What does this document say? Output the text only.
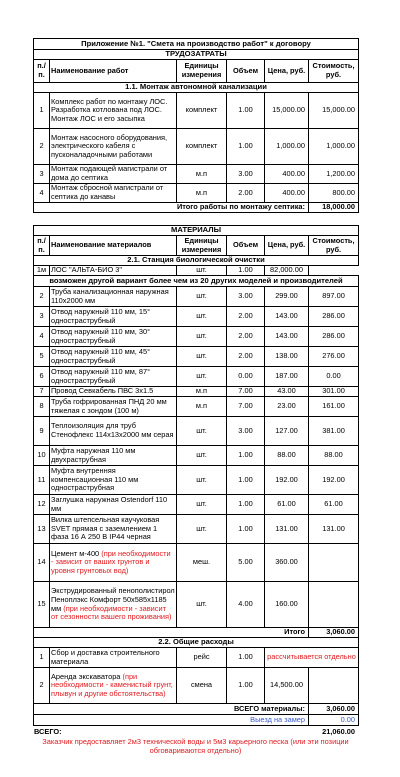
Приложение №1. "Смета на производство работ" к договору					
ТРУДОЗАТРАТЫ					
п./п.	Наименование работ	Единицы измерения	Объем	Цена, руб.	Стоимость, руб.
1.1. Монтаж автономной канализации					
1	Комплекс работ по монтажу ЛОС. Разработка котлована под ЛОС. Монтаж ЛОС и его засыпка	комплект	1.00	15,000.00	15,000.00
2	Монтаж насосного оборудования, электрического кабеля с пусконаладочными работами	комплект	1.00	1,000.00	1,000.00
3	Монтаж подающей магистрали от дома до септика	м.п	3.00	400.00	1,200.00
4	Монтаж сбросной магистрали от септика до канавы	м.п	2.00	400.00	800.00
Итого работы по монтажу септика:					18,000.00
МАТЕРИАЛЫ					
п./п.	Наименование материалов	Единицы измерения	Объем	Цена, руб.	Стоимость, руб.
2.1. Станция биологической очистки					
1м	ЛОС "АЛЬТА-БИО 3"	шт.	1.00	82,000.00	
возможен другой вариант более чем из 20 других моделей и производителей					
2	Труба канализационная наружная 110х2000 мм	шт.	3.00	299.00	897.00
3	Отвод наружный 110 мм, 15° одностраструбный	шт.	2.00	143.00	286.00
4	Отвод наружный 110 мм, 30° одностраструбный	шт.	2.00	143.00	286.00
5	Отвод наружный 110 мм, 45° одностраструбный	шт.	2.00	138.00	276.00
6	Отвод наружный 110 мм, 87° одностраструбный	шт.	0.00	187.00	0.00
7	Провод Севкабель ПВС 3х1.5	м.п	7.00	43.00	301.00
8	Труба гофрированная ПНД 20 мм тяжелая с зондом (100 м)	м.п	7.00	23.00	161.00
9	Теплоизоляция для труб Стенофлекс 114х13х2000 мм серая	шт.	3.00	127.00	381.00
10	Муфта наружная 110 мм двухраструбная	шт.	1.00	88.00	88.00
11	Муфта внутренняя компенсационная 110 мм одностраструбная	шт.	1.00	192.00	192.00
12	Заглушка наружная Ostendorf 110 мм	шт.	1.00	61.00	61.00
13	Вилка штепсельная каучуковая SVET прямая с заземлением 1 фаза 16 А 250 В IP44 черная	шт.	1.00	131.00	131.00
14	Цемент м-400 (при необходимости - зависит от ваших грунтов и уровня грунтовых вод)	меш.	5.00	360.00	
15	Экструдированный пенополистирол Пеноплэкс Комфорт 50х585х1185 мм (при необходимости - зависит от сезонности вашего проживания)	шт.	4.00	160.00	
Итого					3,060.00
2.2. Общие расходы					
1	Сбор и доставка строительного материала	рейс	1.00	рассчитывается отдельно	
2	Аренда экскаватора (при необходимости - каменистый грунт, плывун и другие обстоятельства)	смена	1.00	14,500.00	
ВСЕГО материалы:					3,060.00
Выезд на замер					0.00
ВСЕГО:		21,060.00
Заказчик предоставляет 2м3 технической воды и 5м3 карьерного песка (или эти позиции обговариваются отдельно)
